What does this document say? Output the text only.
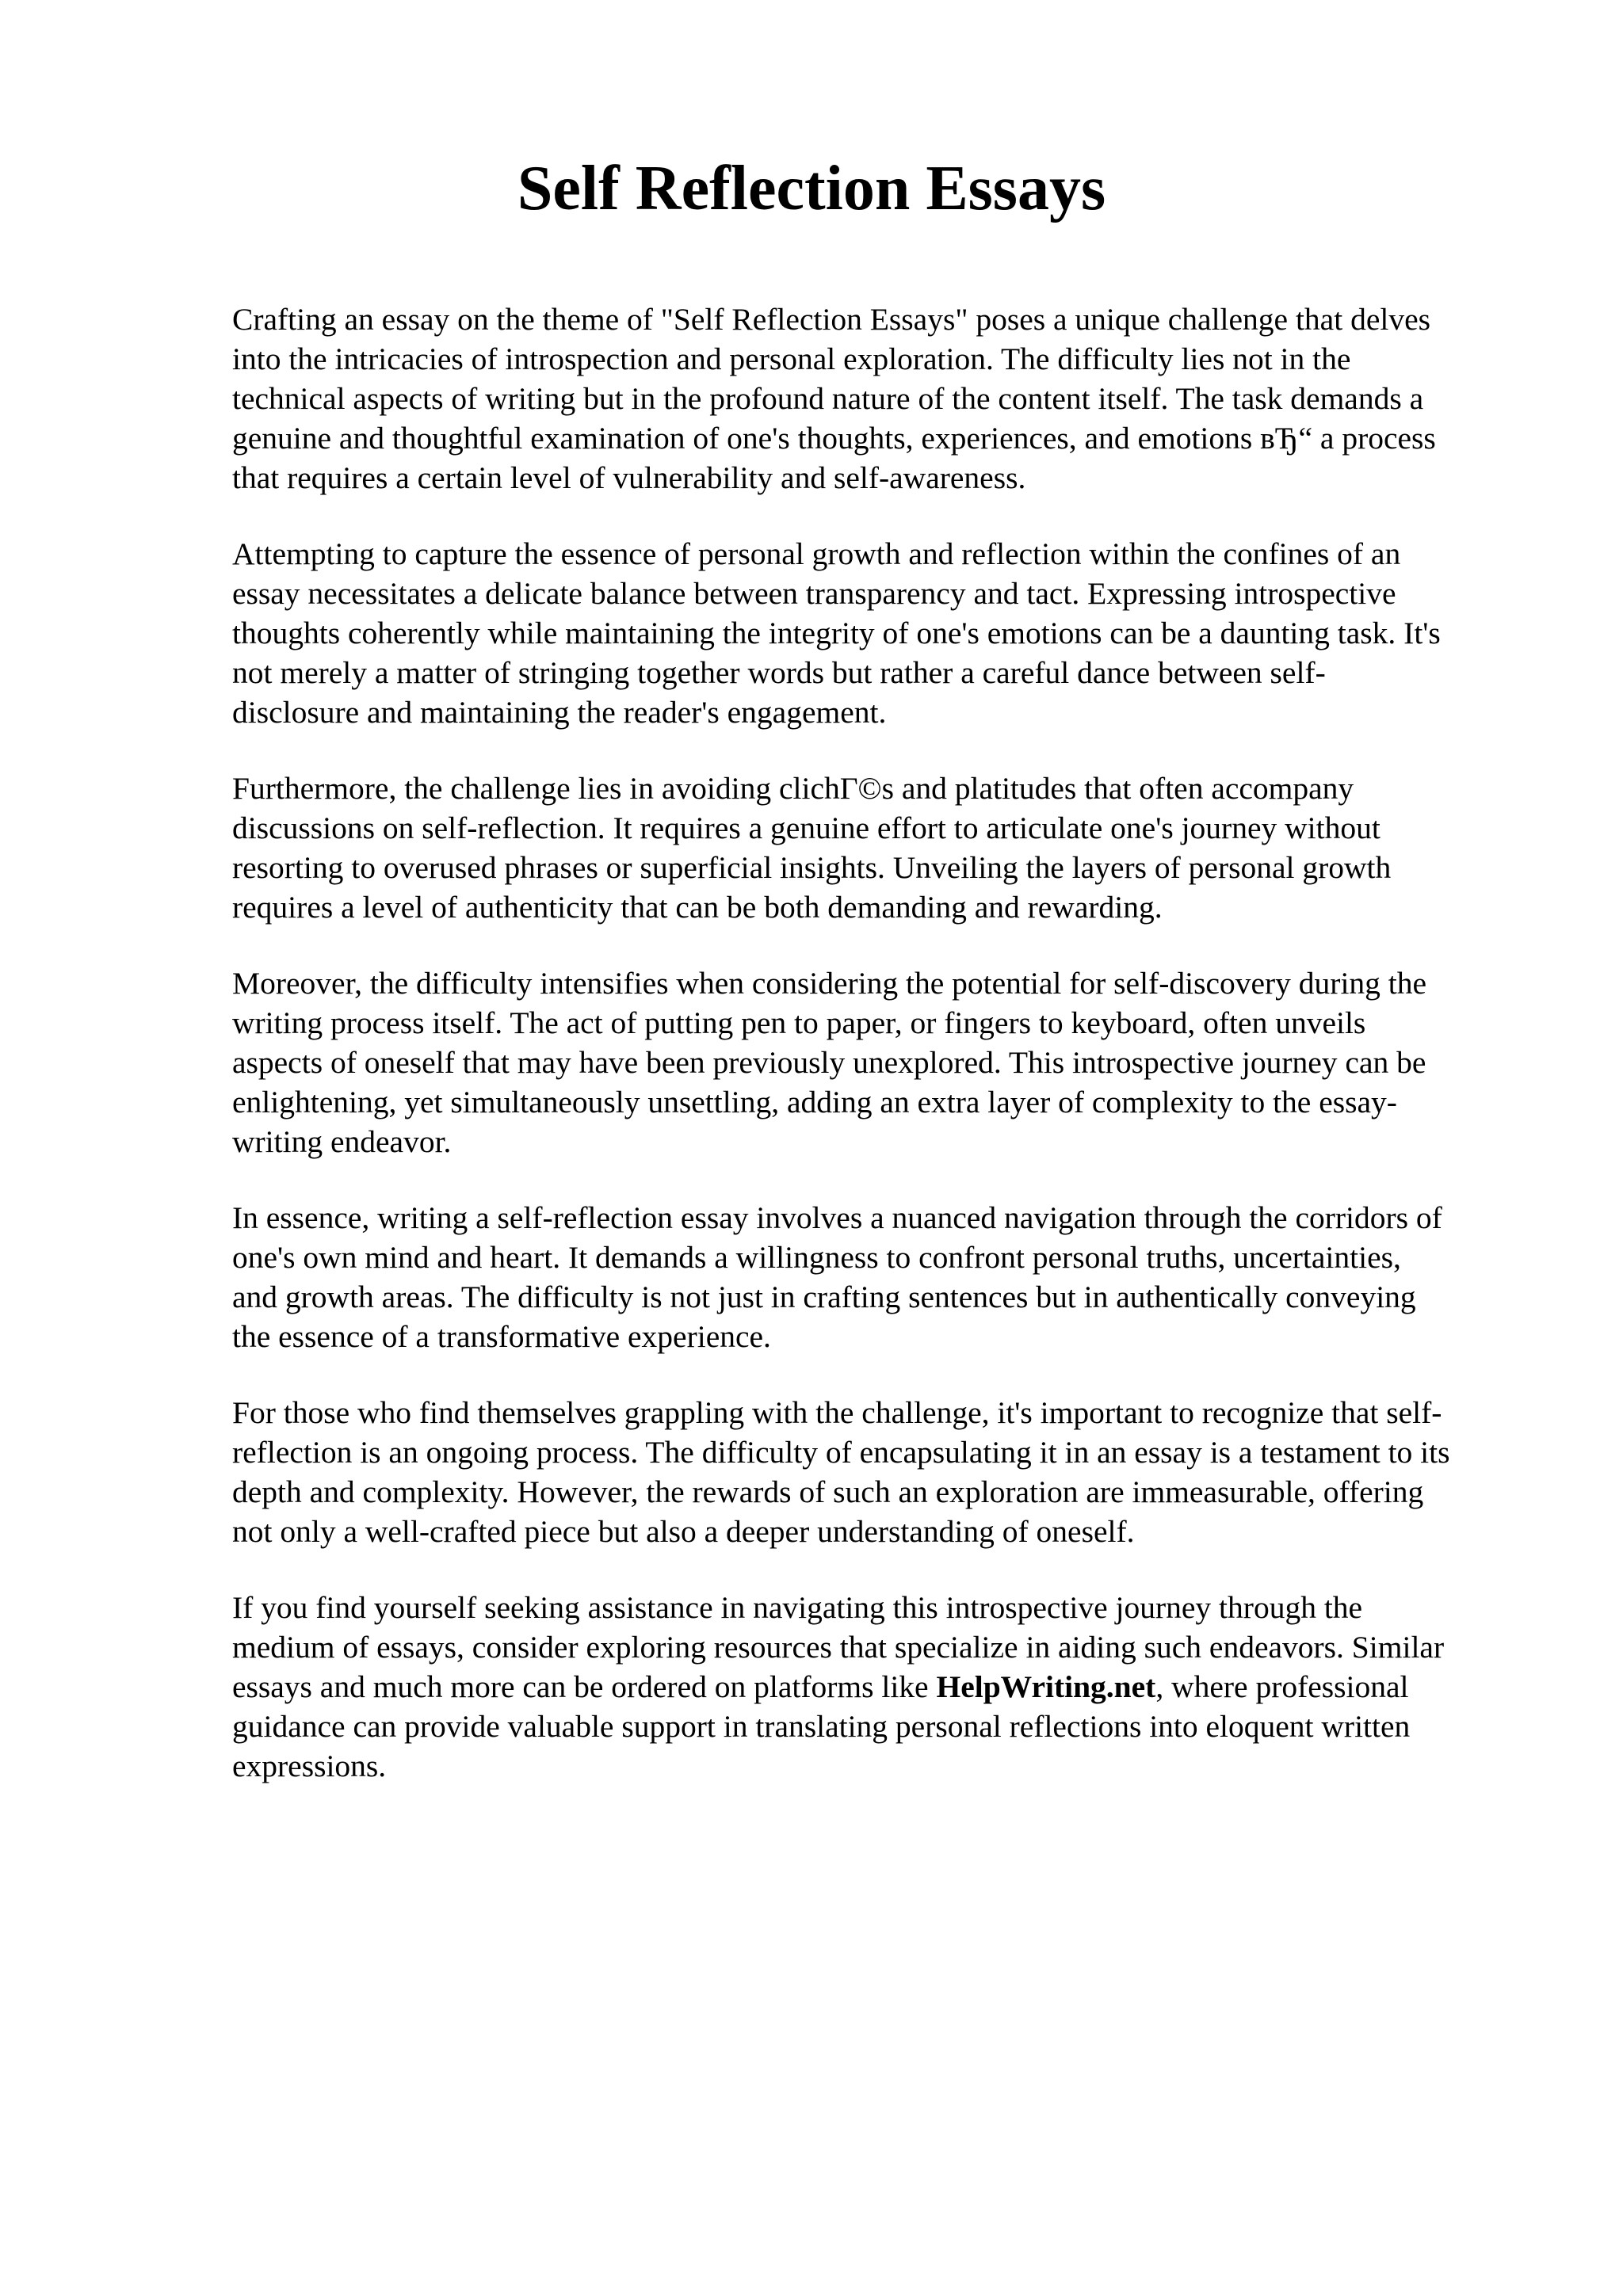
Self Reflection Essays

Crafting an essay on the theme of "Self Reflection Essays" poses a unique challenge that delves
into the intricacies of introspection and personal exploration. The difficulty lies not in the
technical aspects of writing but in the profound nature of the content itself. The task demands a
genuine and thoughtful examination of one's thoughts, experiences, and emotions вЂ“ a process
that requires a certain level of vulnerability and self-awareness.

Attempting to capture the essence of personal growth and reflection within the confines of an
essay necessitates a delicate balance between transparency and tact. Expressing introspective
thoughts coherently while maintaining the integrity of one's emotions can be a daunting task. It's
not merely a matter of stringing together words but rather a careful dance between self-
disclosure and maintaining the reader's engagement.

Furthermore, the challenge lies in avoiding clichГ©s and platitudes that often accompany
discussions on self-reflection. It requires a genuine effort to articulate one's journey without
resorting to overused phrases or superficial insights. Unveiling the layers of personal growth
requires a level of authenticity that can be both demanding and rewarding.

Moreover, the difficulty intensifies when considering the potential for self-discovery during the
writing process itself. The act of putting pen to paper, or fingers to keyboard, often unveils
aspects of oneself that may have been previously unexplored. This introspective journey can be
enlightening, yet simultaneously unsettling, adding an extra layer of complexity to the essay-
writing endeavor.

In essence, writing a self-reflection essay involves a nuanced navigation through the corridors of
one's own mind and heart. It demands a willingness to confront personal truths, uncertainties,
and growth areas. The difficulty is not just in crafting sentences but in authentically conveying
the essence of a transformative experience.

For those who find themselves grappling with the challenge, it's important to recognize that self-
reflection is an ongoing process. The difficulty of encapsulating it in an essay is a testament to its
depth and complexity. However, the rewards of such an exploration are immeasurable, offering
not only a well-crafted piece but also a deeper understanding of oneself.

If you find yourself seeking assistance in navigating this introspective journey through the
medium of essays, consider exploring resources that specialize in aiding such endeavors. Similar
essays and much more can be ordered on platforms like HelpWriting.net, where professional
guidance can provide valuable support in translating personal reflections into eloquent written
expressions.
